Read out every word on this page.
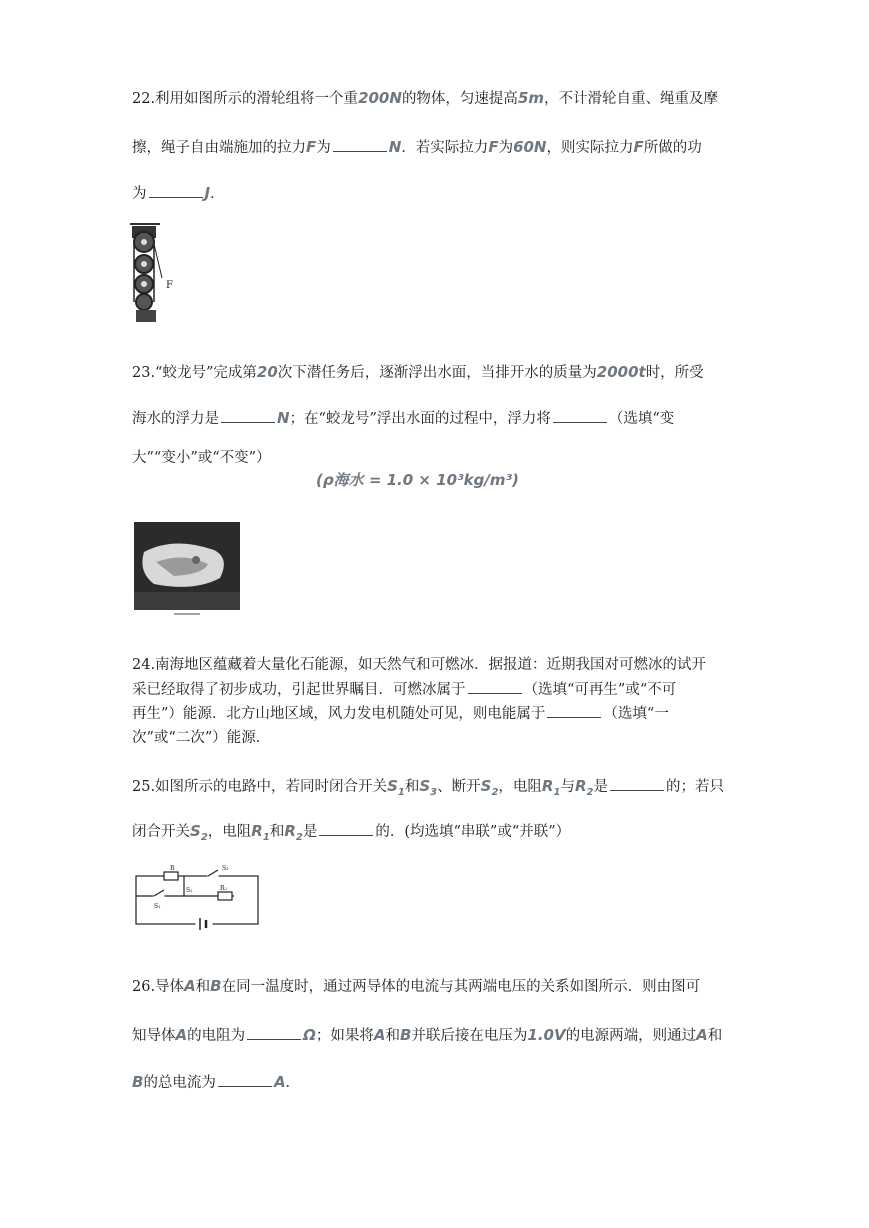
22.利用如图所示的滑轮组将一个重200N的物体，匀速提高5m，不计滑轮自重、绳重及摩
擦，绳子自由端施加的拉力F为	N．若实际拉力F为60N，则实际拉力F所做的功
为	J．
F
23.“蛟龙号”完成第20次下潜任务后，逐渐浮出水面，当排开水的质量为2000t时，所受
海水的浮力是	N；在“蛟龙号”浮出水面的过程中，浮力将	（选填“变
大”“变小”或“不变”）
(ρ海水 = 1.0 × 10³kg/m³)
24.南海地区蕴藏着大量化石能源，如天然气和可燃冰．据报道：近期我国对可燃冰的试开
采已经取得了初步成功，引起世界瞩目．可燃冰属于	（选填“可再生”或“不可
再生”）能源．北方山地区域，风力发电机随处可见，则电能属于	（选填“一
次”或“二次”）能源．
25.如图所示的电路中，若同时闭合开关$S_1$和$S_3$、断开$S_2$，电阻$R_1$与$R_2$是	的；若只
闭合开关$S_2$，电阻$R_1$和$R_2$是	的．(均选填“串联”或“并联”）
R	S₃
S₂
S₁
R₂
26.导体A和B在同一温度时，通过两导体的电流与其两端电压的关系如图所示．则由图可
知导体A的电阻为	Ω；如果将A和B并联后接在电压为1.0V的电源两端，则通过A和
B的总电流为	A．
